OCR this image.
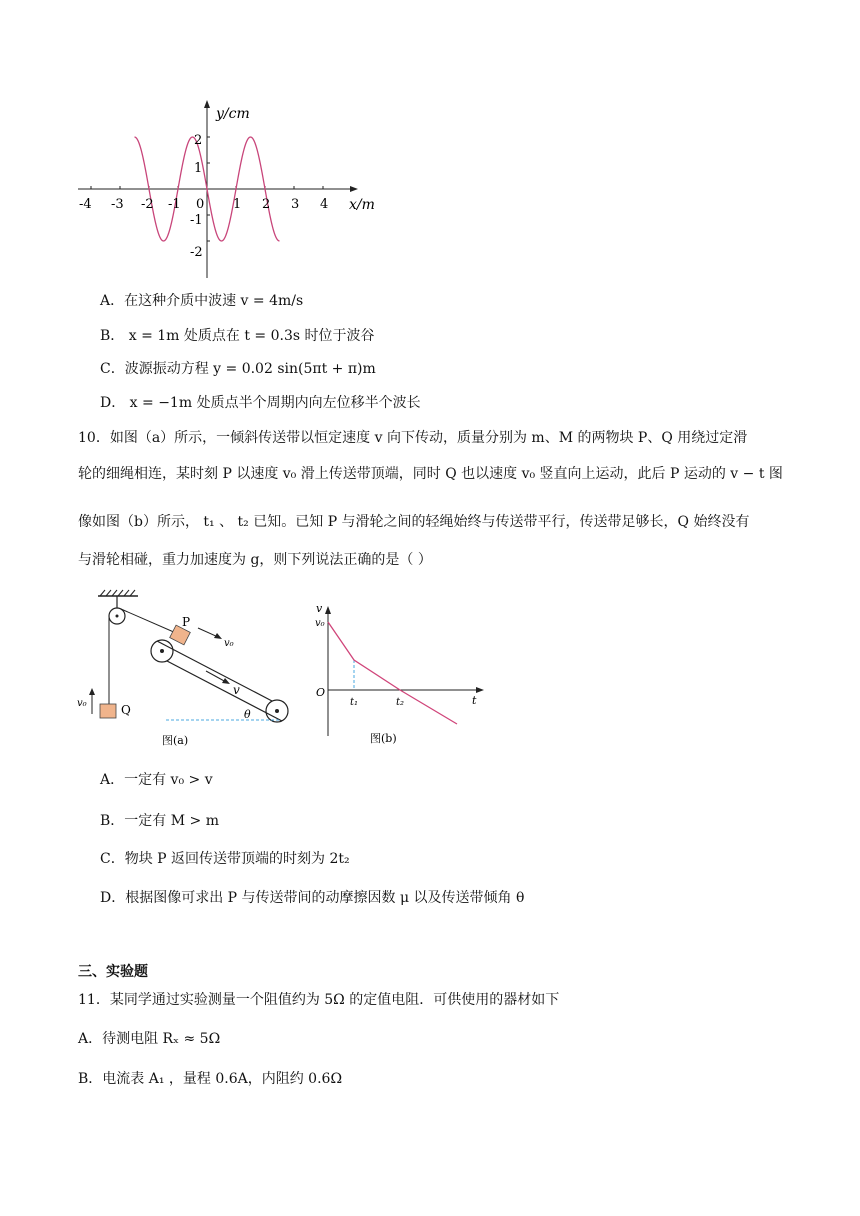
y/cm
x/m
0
-4 -3 -2 -1	1 2 3 4
2
1
-1
-2
A．在这种介质中波速 v = 4m/s
B． x = 1m 处质点在 t = 0.3s 时位于波谷
C．波源振动方程 y = 0.02 sin(5πt + π)m
D． x = −1m 处质点半个周期内向左位移半个波长
10．如图（a）所示，一倾斜传送带以恒定速度 v 向下传动，质量分别为 m、M 的两物块 P、Q 用绕过定滑
轮的细绳相连，某时刻 P 以速度 v₀ 滑上传送带顶端，同时 Q 也以速度 v₀ 竖直向上运动，此后 P 运动的 v − t 图
像如图（b）所示， t₁ 、 t₂ 已知。已知 P 与滑轮之间的轻绳始终与传送带平行，传送带足够长，Q 始终没有
与滑轮相碰，重力加速度为 g，则下列说法正确的是（ ）
Q
v₀
P
v₀
v
θ
图(a)
v
v₀
O
t₁	t₂	t
图(b)
A．一定有 v₀ > v
B．一定有 M > m
C．物块 P 返回传送带顶端的时刻为 2t₂
D．根据图像可求出 P 与传送带间的动摩擦因数 μ 以及传送带倾角 θ
三、实验题
11．某同学通过实验测量一个阻值约为 5Ω 的定值电阻．可供使用的器材如下
A．待测电阻 Rₓ ≈ 5Ω
B．电流表 A₁ ，量程 0.6A，内阻约 0.6Ω
